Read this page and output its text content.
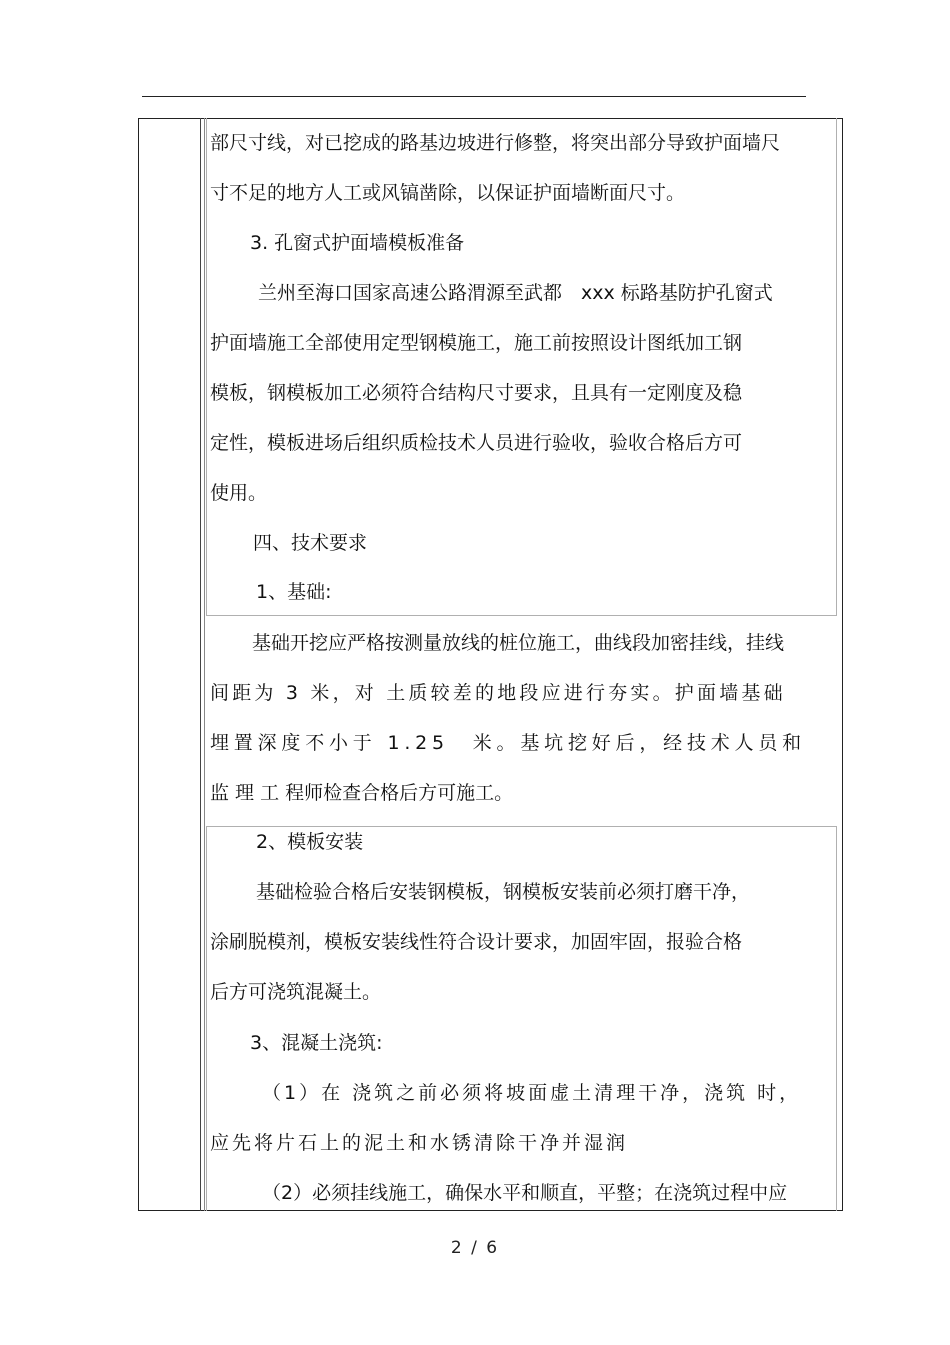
部尺寸线，对已挖成的路基边坡进行修整，将突出部分导致护面墙尺
寸不足的地方人工或风镐凿除，以保证护面墙断面尺寸。
3. 孔窗式护面墙模板准备
兰州至海口国家高速公路渭源至武都　xxx 标路基防护孔窗式
护面墙施工全部使用定型钢模施工，施工前按照设计图纸加工钢
模板，钢模板加工必须符合结构尺寸要求，且具有一定刚度及稳
定性，模板进场后组织质检技术人员进行验收，验收合格后方可
使用。
四、技术要求
1、基础:
基础开挖应严格按测量放线的桩位施工，曲线段加密挂线，挂线
间距为 3 米，对 土质较差的地段应进行夯实。护面墙基础
埋置深度不小于 1.25　米。基坑挖好后，经技术人员和
监 理 工 程师检查合格后方可施工。
2、模板安装
基础检验合格后安装钢模板，钢模板安装前必须打磨干净，
涂刷脱模剂，模板安装线性符合设计要求，加固牢固，报验合格
后方可浇筑混凝土。
3、混凝土浇筑:
（1）在 浇筑之前必须将坡面虚土清理干净，浇筑 时，
应先将片石上的泥土和水锈清除干净并湿润
（2）必须挂线施工，确保水平和顺直，平整；在浇筑过程中应
2 / 6
